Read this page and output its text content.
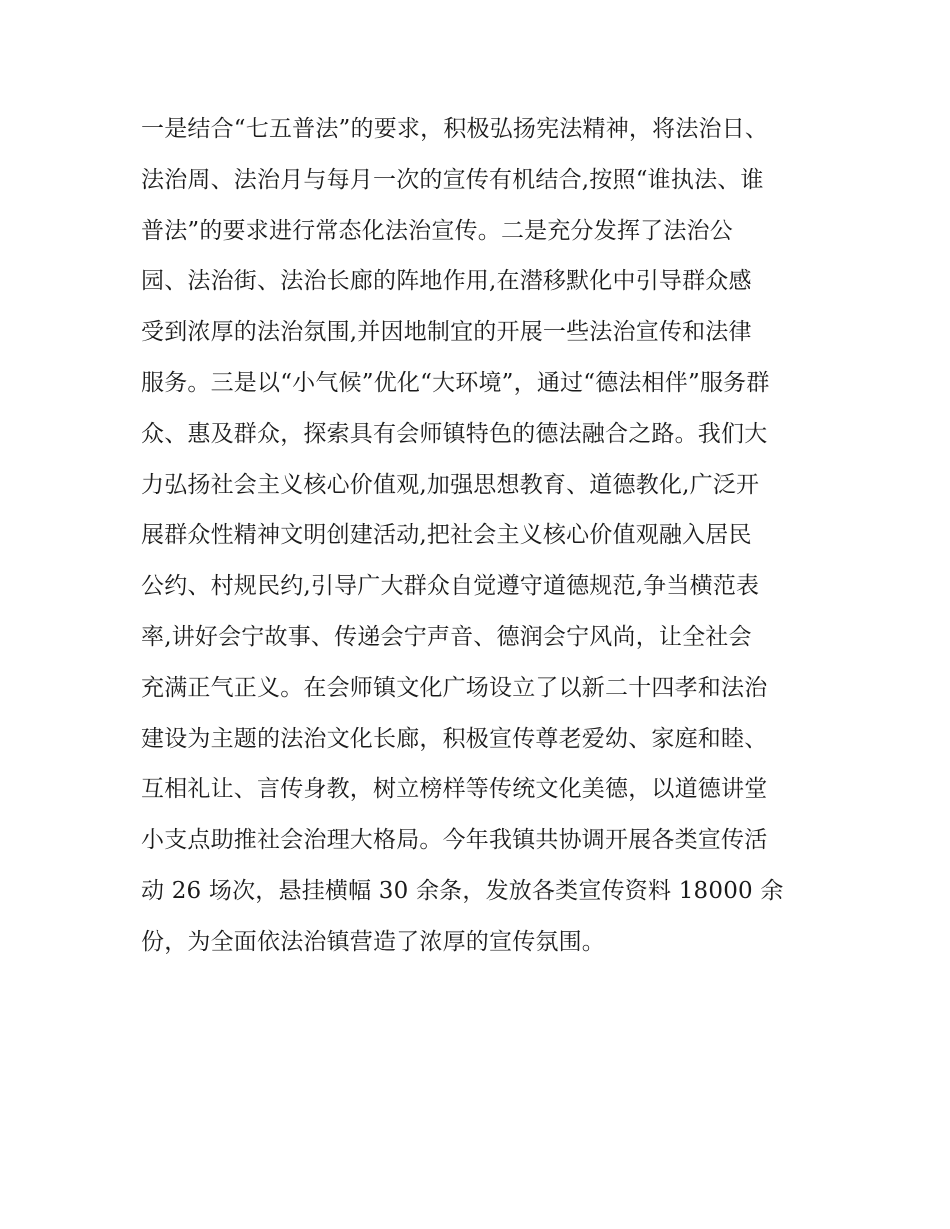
一是结合“七五普法”的要求，积极弘扬宪法精神，将法治日、
法治周、法治月与每月一次的宣传有机结合,按照“谁执法、谁
普法”的要求进行常态化法治宣传。二是充分发挥了法治公
园、法治街、法治长廊的阵地作用,在潜移默化中引导群众感
受到浓厚的法治氛围,并因地制宜的开展一些法治宣传和法律
服务。三是以“小气候”优化“大环境”，通过“德法相伴”服务群
众、惠及群众，探索具有会师镇特色的德法融合之路。我们大
力弘扬社会主义核心价值观,加强思想教育、道德教化,广泛开
展群众性精神文明创建活动,把社会主义核心价值观融入居民
公约、村规民约,引导广大群众自觉遵守道德规范,争当横范表
率,讲好会宁故事、传递会宁声音、德润会宁风尚，让全社会
充满正气正义。在会师镇文化广场设立了以新二十四孝和法治
建设为主题的法治文化长廊，积极宣传尊老爱幼、家庭和睦、
互相礼让、言传身教，树立榜样等传统文化美德，以道德讲堂
小支点助推社会治理大格局。今年我镇共协调开展各类宣传活
动 26 场次，悬挂横幅 30 余条，发放各类宣传资料 18000 余
份，为全面依法治镇营造了浓厚的宣传氛围。
